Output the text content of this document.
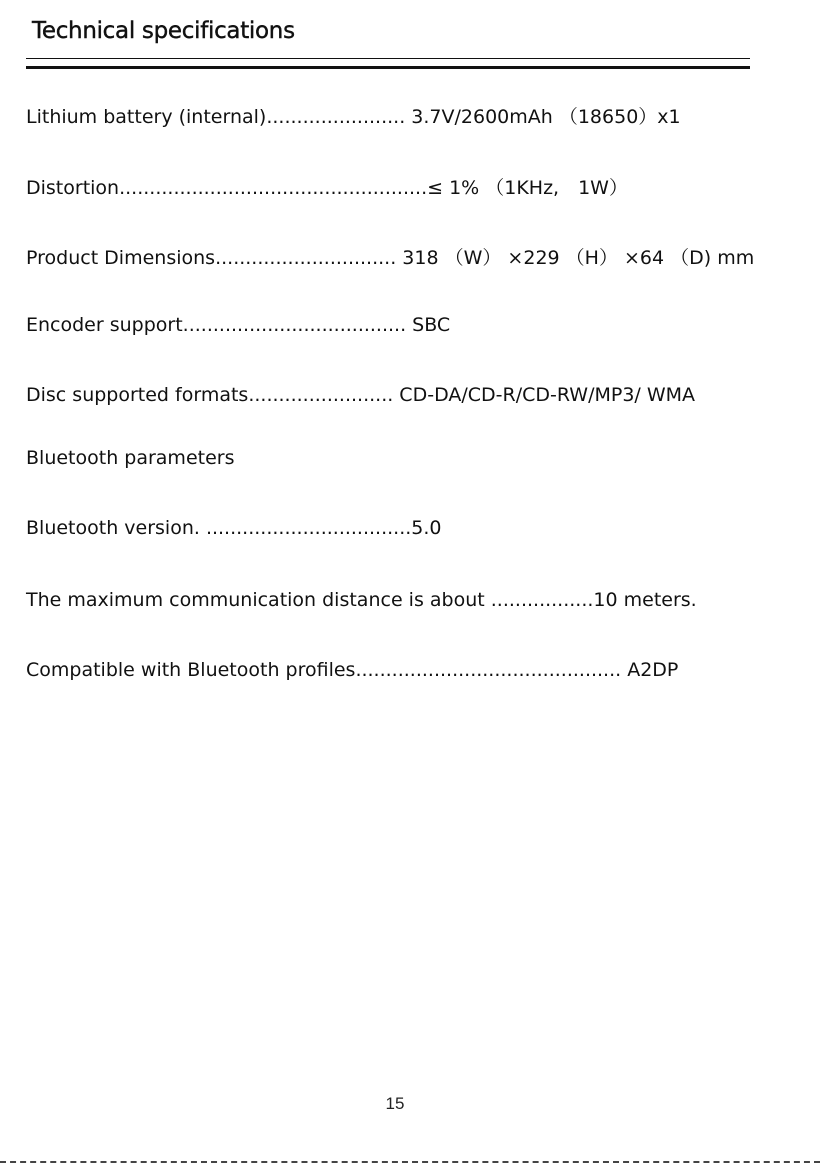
Technical specifications

Lithium battery (internal)....................... 3.7V/2600mAh （18650）x1

Distortion...................................................≤ 1% （1KHz,　1W）

Product Dimensions.............................. 318 （W） ×229 （H） ×64 （D) mm

Encoder support..................................... SBC

Disc supported formats........................ CD-DA/CD-R/CD-RW/MP3/ WMA

Bluetooth parameters

Bluetooth version. ..................................5.0

The maximum communication distance is about .................10 meters.

Compatible with Bluetooth profiles............................................ A2DP

15
